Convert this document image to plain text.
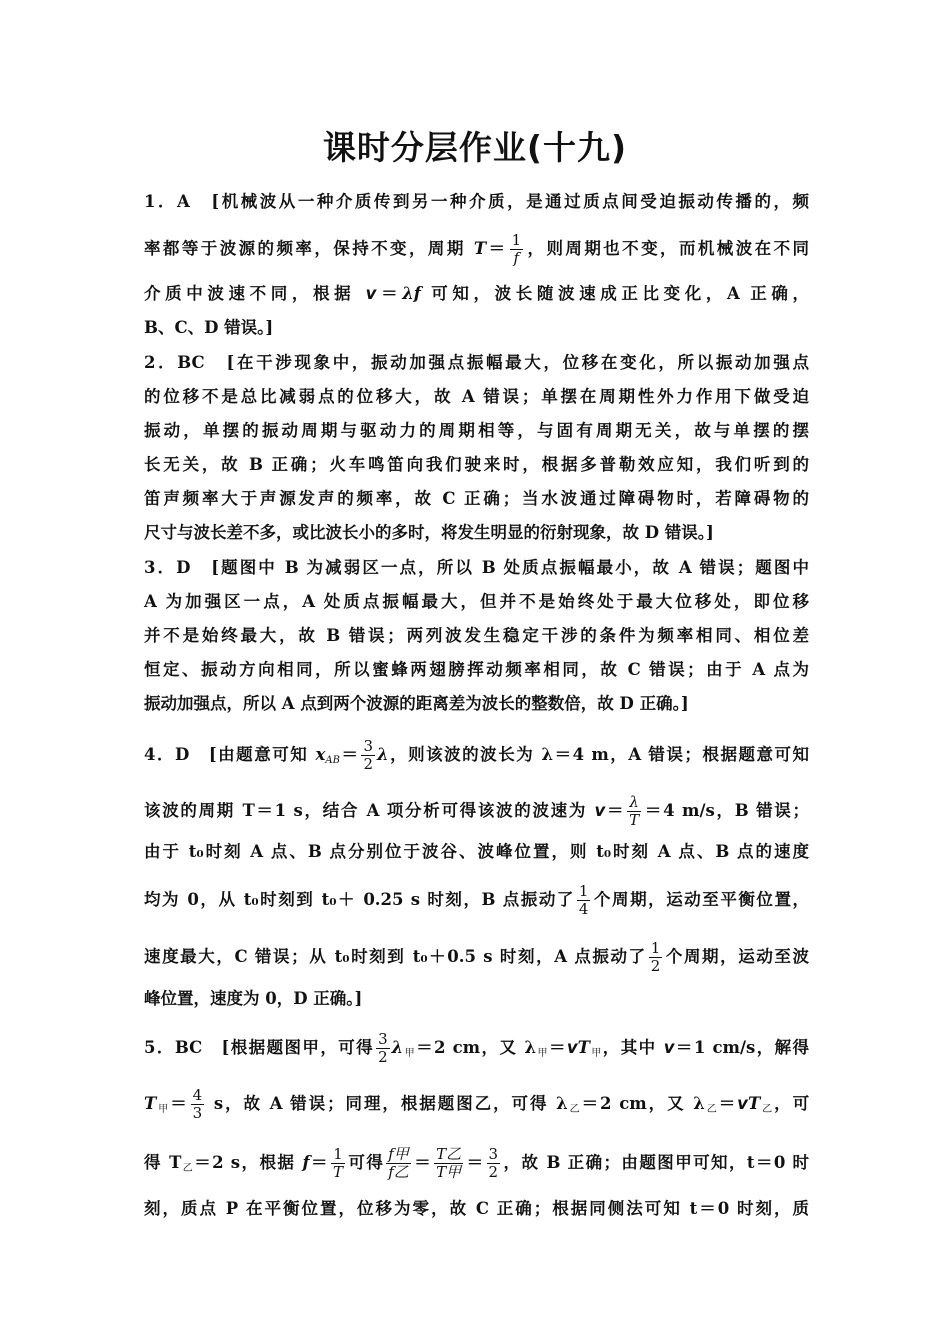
课时分层作业(十九)
1．A　[机械波从一种介质传到另一种介质，是通过质点间受迫振动传播的，频
率都等于波源的频率，保持不变，周期 $T= \frac{1}{f}$ ，则周期也不变，而机械波在不同
介质中波速不同，根据 v＝λf 可知，波长随波速成正比变化，A 正确，
B、C、D 错误。]
2．BC　[在干涉现象中，振动加强点振幅最大，位移在变化，所以振动加强点
的位移不是总比减弱点的位移大，故 A 错误；单摆在周期性外力作用下做受迫
振动，单摆的振动周期与驱动力的周期相等，与固有周期无关，故与单摆的摆
长无关，故 B 正确；火车鸣笛向我们驶来时，根据多普勒效应知，我们听到的
笛声频率大于声源发声的频率，故 C 正确；当水波通过障碍物时，若障碍物的
尺寸与波长差不多，或比波长小的多时，将发生明显的衍射现象，故 D 错误。]
3．D　[题图中 B 为减弱区一点，所以 B 处质点振幅最小，故 A 错误；题图中
A 为加强区一点，A 处质点振幅最大，但并不是始终处于最大位移处，即位移
并不是始终最大，故 B 错误；两列波发生稳定干涉的条件为频率相同、相位差
恒定、振动方向相同，所以蜜蜂两翅膀挥动频率相同，故 C 错误；由于 A 点为
振动加强点，所以 A 点到两个波源的距离差为波长的整数倍，故 D 正确。]
4．D　[由题意可知 $x_{AB}= \frac{3}{2}$ λ，则该波的波长为 λ＝4 m，A 错误；根据题意可知
该波的周期 T＝1 s，结合 A 项分析可得该波的波速为 $v= \frac{\lambda}{T} =4$ m/s，B 错误；
由于 t₀时刻 A 点、B 点分别位于波谷、波峰位置，则 t₀时刻 A 点、B 点的速度
均为 0，从 t₀时刻到 t₀＋ 0.25 s 时刻，B 点振动了 $\frac{1}{4}$ 个周期，运动至平衡位置，
速度最大，C 错误；从 t₀时刻到 t₀＋0.5 s 时刻，A 点振动了 $\frac{1}{2}$ 个周期，运动至波
峰位置，速度为 0，D 正确。]
5．BC　[根据题图甲，可得 $\frac{3}{2} \lambda_甲=2$ cm，又 $\lambda_甲=vT_甲$，其中 v＝1 cm/s，解得
$T_甲= \frac{4}{3}$ s，故 A 错误；同理，根据题图乙，可得 $\lambda_乙=2$ cm，又 $\lambda_乙=vT_乙$，可
得 $T_乙=2$ s，根据 $f= \frac{1}{T}$ 可得 $\frac{\text{f甲}}{\text{f乙}} = \frac{\text{T乙}}{\text{T甲}} = \frac{3}{2}$ ，故 B 正确；由题图甲可知，t＝0 时
刻，质点 P 在平衡位置，位移为零，故 C 正确；根据同侧法可知 t＝0 时刻，质
